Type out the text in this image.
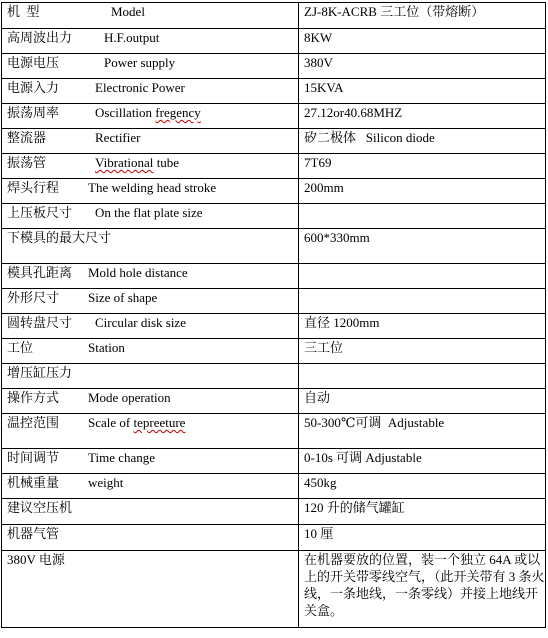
机  型 Model	ZJ-8K-ACRB 三工位（带熔断）
高周波出力 H.F.output	8KW
电源电压 Power supply	380V
电源入力 Electronic Power	15KVA
振荡周率 Oscillation fregency	27.12or40.68MHZ
整流器 Rectifier	矽二极体   Silicon diode
振荡管 Vibrational tube	7T69
焊头行程 The welding head stroke	200mm
上压板尺寸 On the flat plate size	
下模具的最大尺寸	600*330mm
模具孔距离 Mold hole distance	
外形尺寸 Size of shape	
圆转盘尺寸 Circular disk size	直径 1200mm
工位 Station	三工位
增压缸压力	
操作方式 Mode operation	自动
温控范围 Scale of tepreeture	50-300℃可调  Adjustable
时间调节 Time change	0-10s 可调 Adjustable
机械重量 weight	450kg
建议空压机	120 升的储气罐缸
机器气管	10 厘
380V 电源	在机器要放的位置，装一个独立 64A 或以上的开关带零线空气，（此开关带有 3 条火线，一条地线，一条零线）并接上地线开关盒。
